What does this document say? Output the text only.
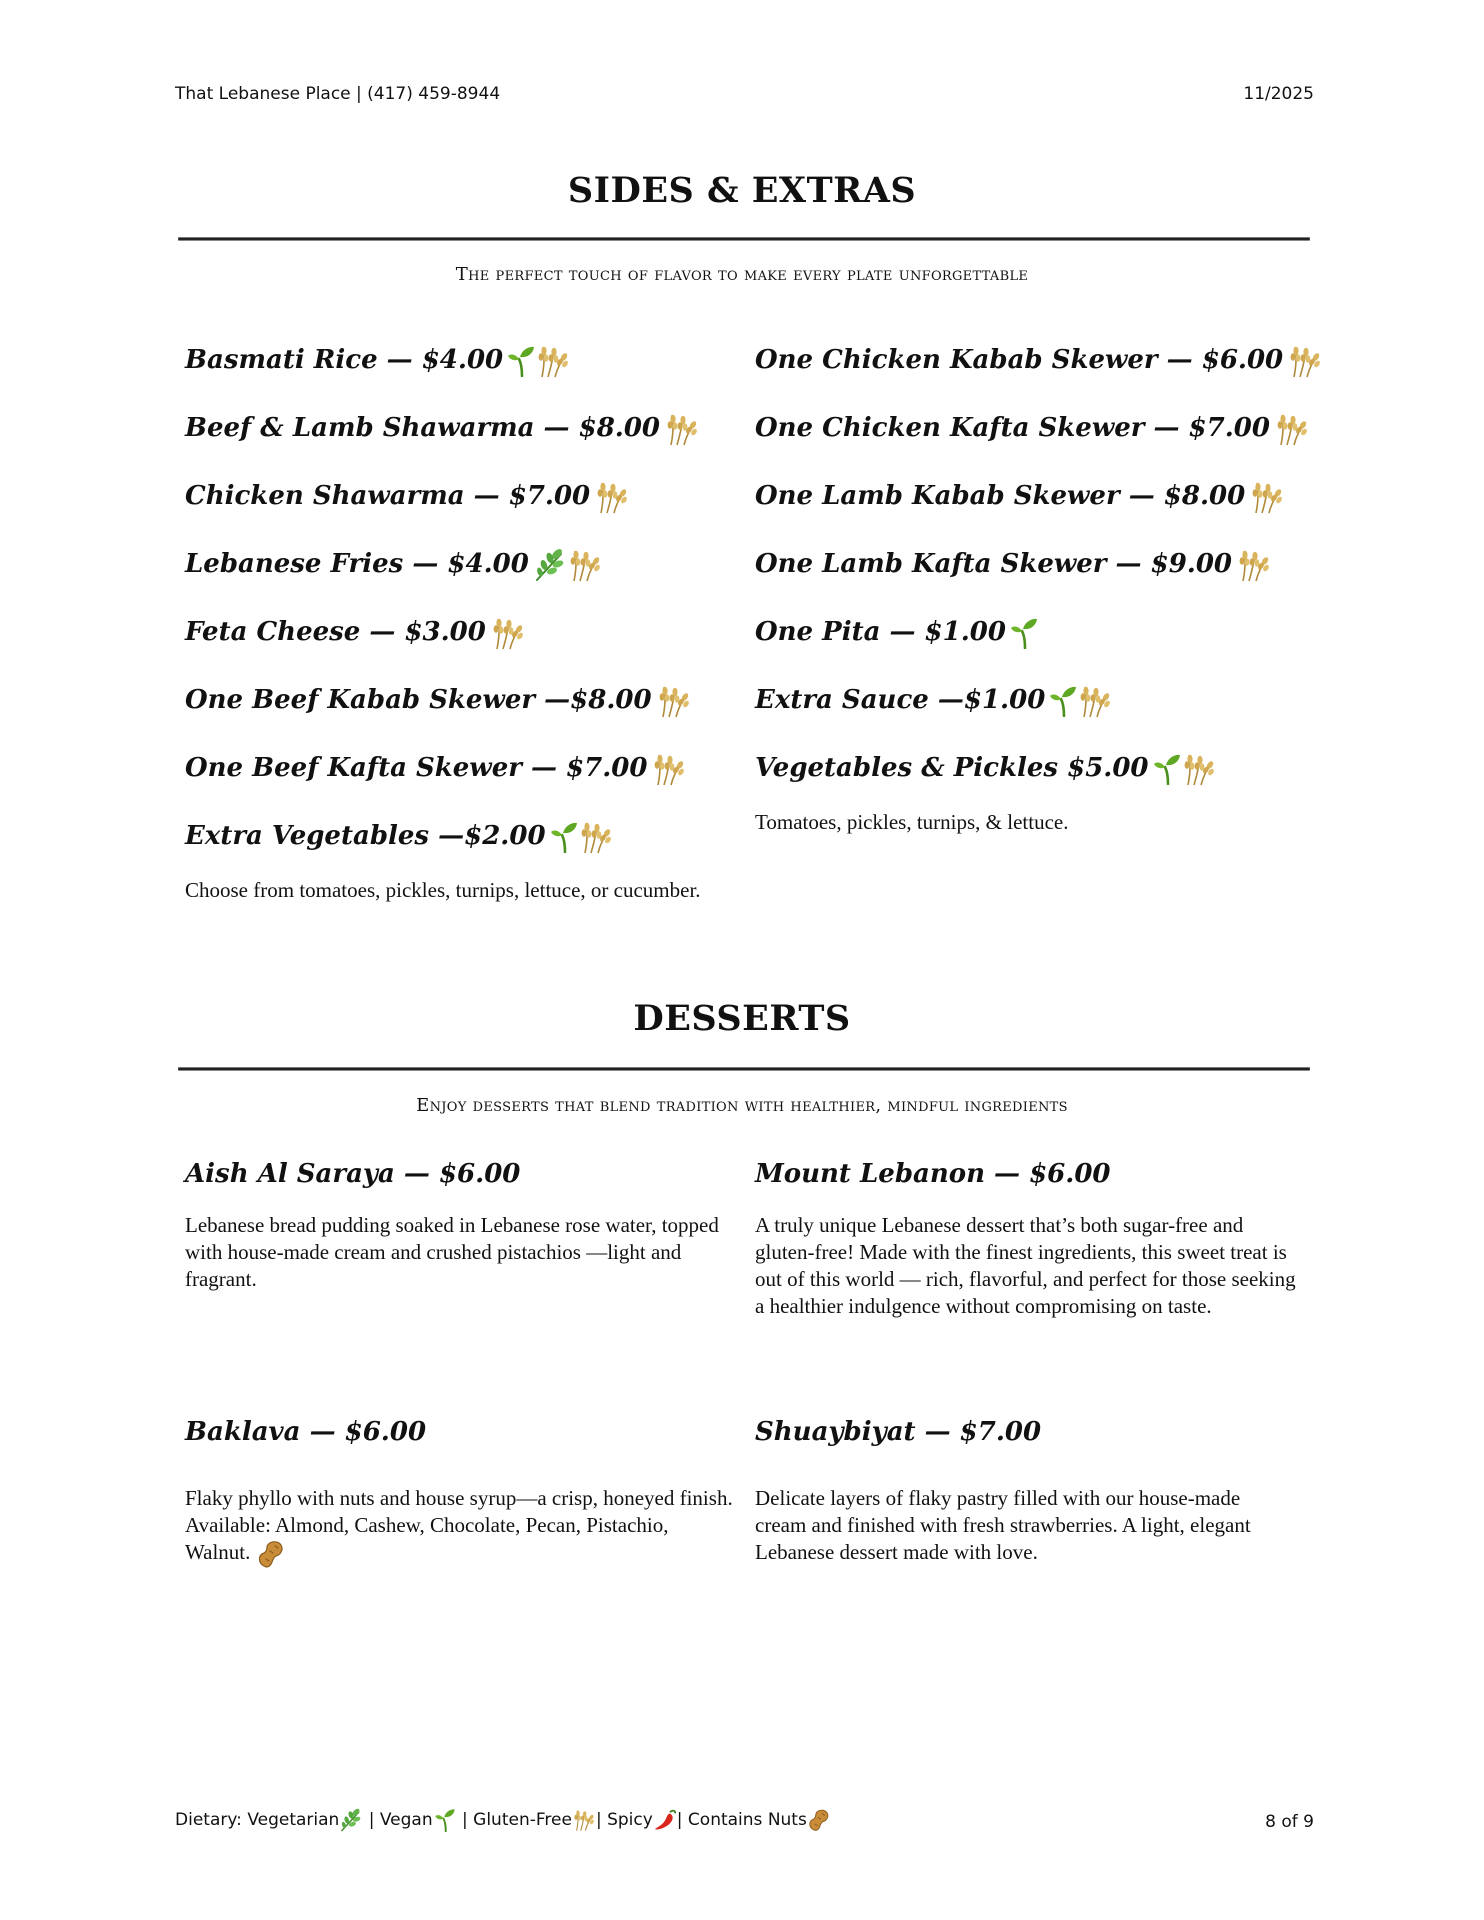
That Lebanese Place | (417) 459-8944	11/2025
SIDES & EXTRAS
The perfect touch of flavor to make every plate unforgettable
Basmati Rice — $4.00
Beef & Lamb Shawarma — $8.00
Chicken Shawarma — $7.00
Lebanese Fries — $4.00
Feta Cheese — $3.00
One Beef Kabab Skewer —$8.00
One Beef Kafta Skewer — $7.00
Extra Vegetables —$2.00
One Chicken Kabab Skewer — $6.00
One Chicken Kafta Skewer — $7.00
One Lamb Kabab Skewer — $8.00
One Lamb Kafta Skewer — $9.00
One Pita — $1.00
Extra Sauce —$1.00
Vegetables & Pickles $5.00
Choose from tomatoes, pickles, turnips, lettuce, or cucumber.
Tomatoes, pickles, turnips, & lettuce.
DESSERTS
Enjoy desserts that blend tradition with healthier, mindful ingredients
Aish Al Saraya — $6.00
Lebanese bread pudding soaked in Lebanese rose water, topped with house-made cream and crushed pistachios —light and fragrant.
Mount Lebanon — $6.00
A truly unique Lebanese dessert that’s both sugar-free and gluten-free! Made with the finest ingredients, this sweet treat is out of this world — rich, flavorful, and perfect for those seeking a healthier indulgence without compromising on taste.
Baklava — $6.00
Flaky phyllo with nuts and house syrup—a crisp, honeyed finish. Available: Almond, Cashew, Chocolate, Pecan, Pistachio, Walnut.
Shuaybiyat — $7.00
Delicate layers of flaky pastry filled with our house-made cream and finished with fresh strawberries. A light, elegant Lebanese dessert made with love.
Dietary: Vegetarian | Vegan | Gluten-Free | Spicy | Contains Nuts	8 of 9
